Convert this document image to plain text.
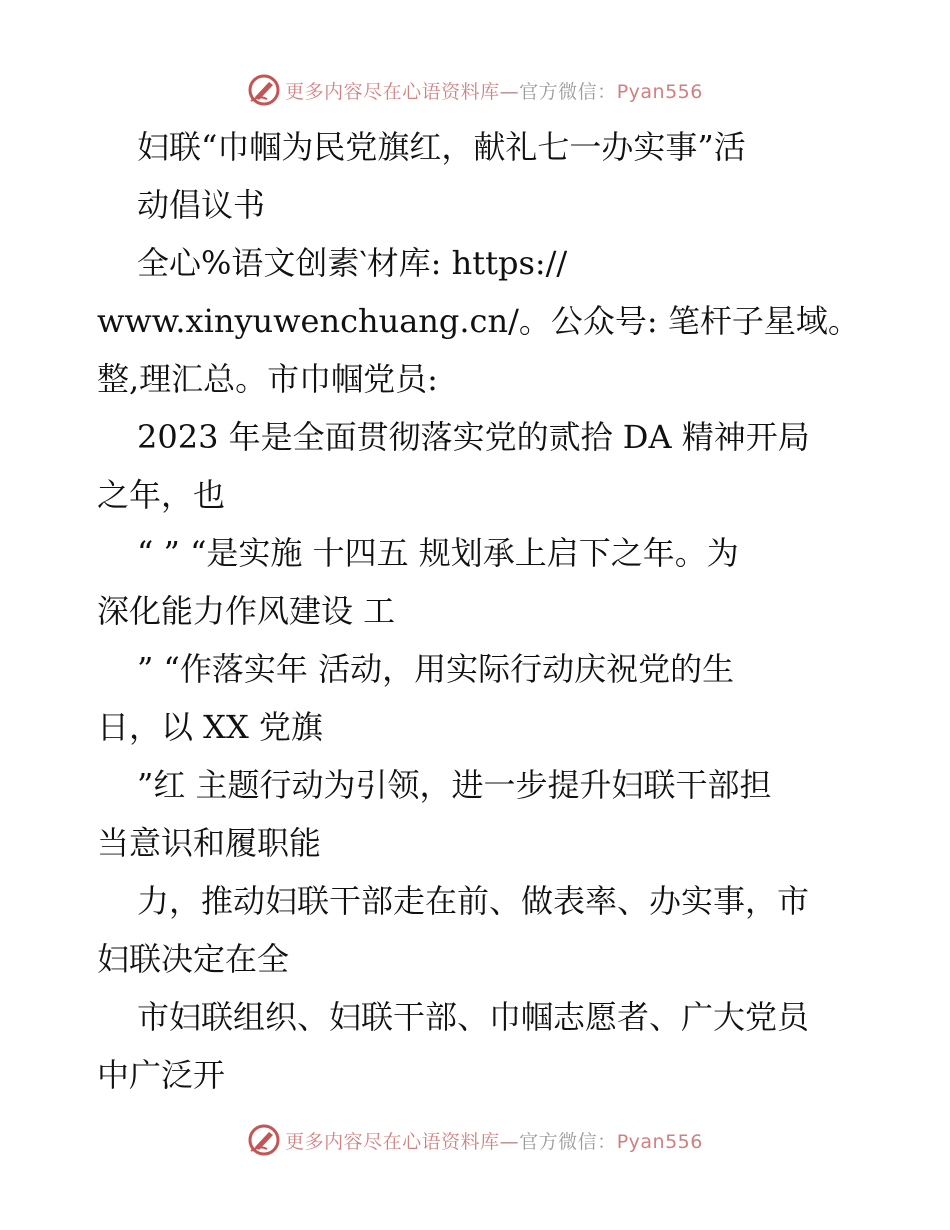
更多内容尽在心语资料库—官方微信：Pyan556
妇联“巾帼为民党旗红，献礼七一办实事”活
动倡议书
全心%语文创素‵材库: https://
www.xinyuwenchuang.cn/。公众号: 笔杆子星域。
整,理汇总。市巾帼党员:
2023 年是全面贯彻落实党的贰拾 DA 精神开局
之年，也
“ ” “是实施 十四五 规划承上启下之年。为
深化能力作风建设 工
” “作落实年 活动，用实际行动庆祝党的生
日，以 XX 党旗
”红 主题行动为引领，进一步提升妇联干部担
当意识和履职能
力，推动妇联干部走在前、做表率、办实事，市
妇联决定在全
市妇联组织、妇联干部、巾帼志愿者、广大党员
中广泛开
更多内容尽在心语资料库—官方微信：Pyan556
